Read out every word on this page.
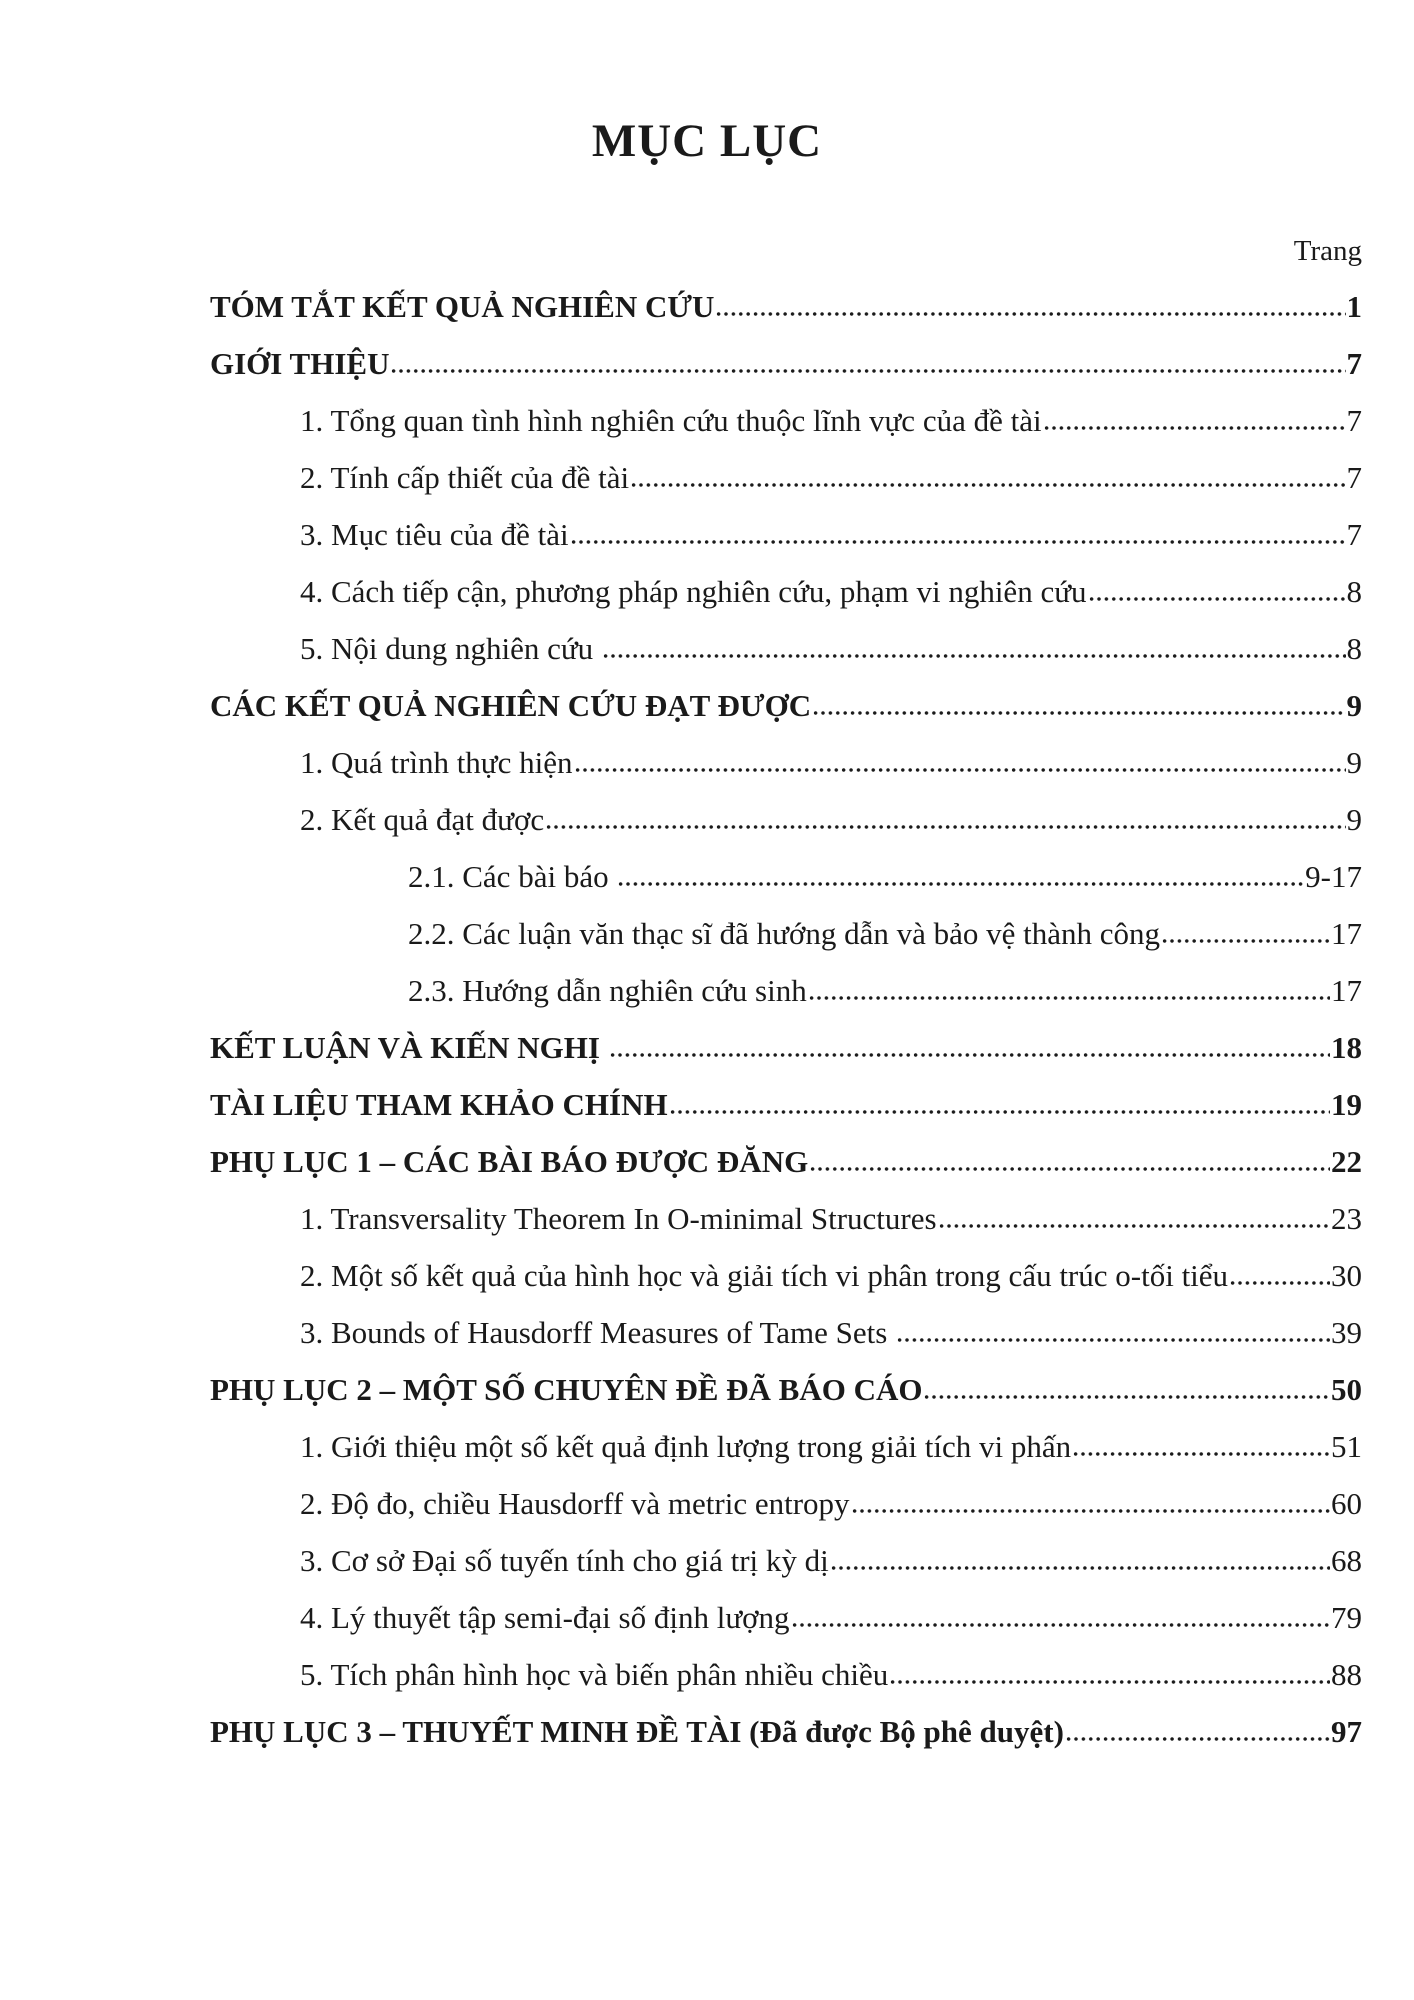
MỤC LỤC
Trang
TÓM TẮT KẾT QUẢ NGHIÊN CỨU	1
GIỚI THIỆU	7
1. Tổng quan tình hình nghiên cứu thuộc lĩnh vực của đề tài	7
2. Tính cấp thiết của đề tài	7
3. Mục tiêu của đề tài	7
4. Cách tiếp cận, phương pháp nghiên cứu, phạm vi nghiên cứu	8
5. Nội dung nghiên cứu	8
CÁC KẾT QUẢ NGHIÊN CỨU ĐẠT ĐƯỢC	9
1. Quá trình thực hiện	9
2. Kết quả đạt được	9
2.1. Các bài báo	9-17
2.2. Các luận văn thạc sĩ đã hướng dẫn và bảo vệ thành công	17
2.3. Hướng dẫn nghiên cứu sinh	17
KẾT LUẬN VÀ KIẾN NGHỊ	18
TÀI LIỆU THAM KHẢO CHÍNH	19
PHỤ LỤC 1 – CÁC BÀI BÁO ĐƯỢC ĐĂNG	22
1. Transversality Theorem In O-minimal Structures	23
2. Một số kết quả của hình học và giải tích vi phân trong cấu trúc o-tối tiểu	30
3. Bounds of Hausdorff Measures of Tame Sets	39
PHỤ LỤC 2 – MỘT SỐ CHUYÊN ĐỀ ĐÃ BÁO CÁO	50
1. Giới thiệu một số kết quả định lượng trong giải tích vi phấn	51
2. Độ đo, chiều Hausdorff và metric entropy	60
3. Cơ sở Đại số tuyến tính cho giá trị kỳ dị	68
4. Lý thuyết tập semi-đại số định lượng	79
5. Tích phân hình học và biến phân nhiều chiều	88
PHỤ LỤC 3 – THUYẾT MINH ĐỀ TÀI (Đã được Bộ phê duyệt)	97
